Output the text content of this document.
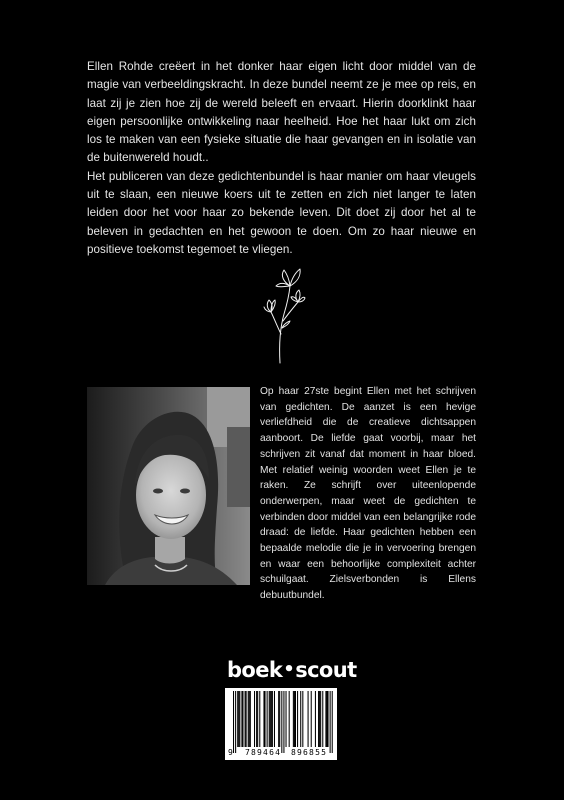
Ellen Rohde creëert in het donker haar eigen licht door middel van de magie van verbeeldingskracht. In deze bundel neemt ze je mee op reis, en laat zij je zien hoe zij de wereld beleeft en ervaart. Hierin doorklinkt haar eigen persoonlijke ontwikkeling naar heelheid. Hoe het haar lukt om zich los te maken van een fysieke situatie die haar gevangen en in isolatie van de buitenwereld houdt..

Het publiceren van deze gedichtenbundel is haar manier om haar vleugels uit te slaan, een nieuwe koers uit te zetten en zich niet langer te laten leiden door het voor haar zo bekende leven. Dit doet zij door het al te beleven in gedachten en het gewoon te doen. Om zo haar nieuwe en positieve toekomst tegemoet te vliegen.

Op haar 27ste begint Ellen met het schrijven van gedichten. De aanzet is een hevige verliefdheid die de creatieve dichtsappen aanboort. De liefde gaat voorbij, maar het schrijven zit vanaf dat moment in haar bloed. Met relatief weinig woorden weet Ellen je te raken. Ze schrijft over uiteenlopende onderwerpen, maar weet de gedichten te verbinden door middel van een belangrijke rode draad: de liefde. Haar gedichten hebben een bepaalde melodie die je in vervoering brengen en waar een behoorlijke complexiteit achter schuilgaat. Zielsverbonden is Ellens debuutbundel.

boek•scout
9 789464 896855
